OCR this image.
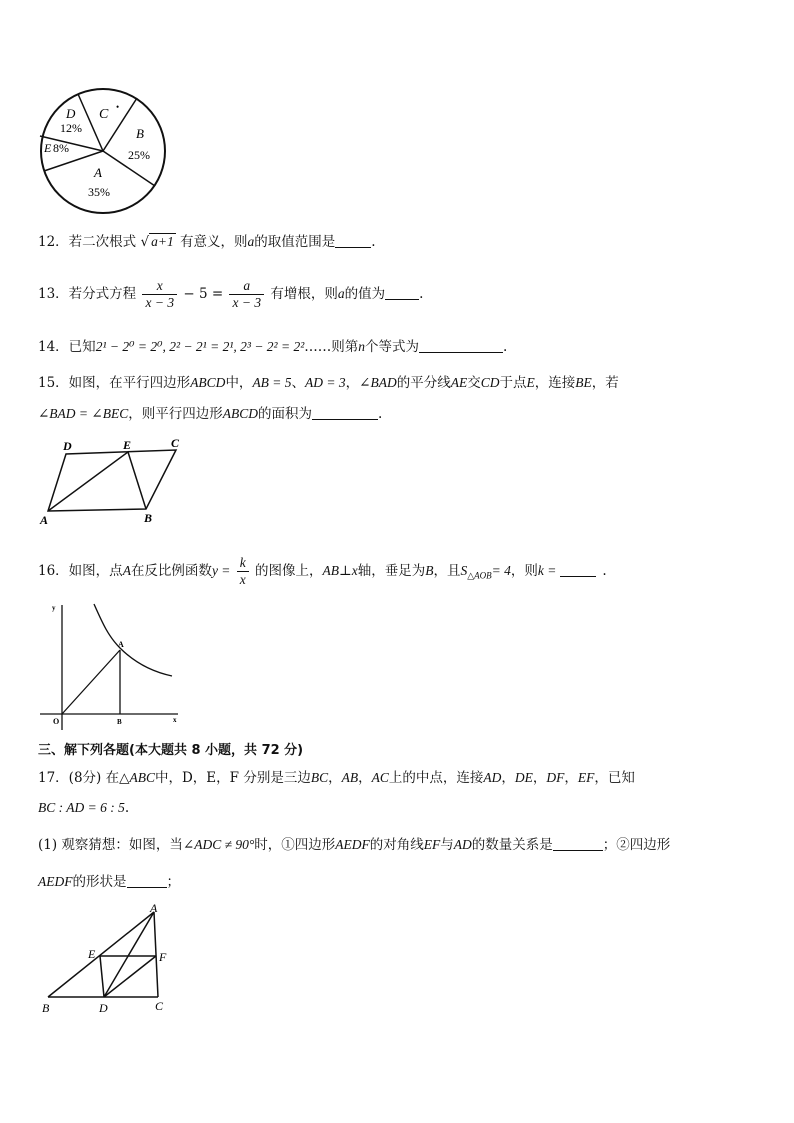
D
12%
C •
B
25%
E 8%
A
35%
12．若二次根式 √ a+1 有意义，则a的取值范围是	.
13．若分式方程 $\frac{x}{x - 3} - 5 = \frac{a}{x - 3}$ 有增根，则a的值为	.
14．已知2¹ − 2⁰ = 2⁰, 2² − 2¹ = 2¹, 2³ − 2² = 2²……则第n个等式为	.
15．如图，在平行四边形ABCD中，AB = 5、AD = 3，∠BAD的平分线AE交CD于点E，连接BE，若
∠BAD = ∠BEC，则平行四边形ABCD的面积为	.
A	B
C
D	E
16．如图，点A在反比例函数$y = \frac{k}{x}$ 的图像上，AB⊥x轴，垂足为B，且$S_{\triangle AOB}= 4$，则k =	.
y
A
O	B	x
三、解下列各题(本大题共 8 小题，共 72 分)
17．(8分) 在△ABC中，D，E，F 分别是三边BC，AB，AC上的中点，连接AD，DE，DF，EF，已知
BC : AD = 6 : 5.
(1) 观察猜想：如图，当∠ADC ≠ 90°时，①四边形AEDF的对角线EF与AD的数量关系是	；②四边形
AEDF的形状是	；
A
E	F
B	D	C
